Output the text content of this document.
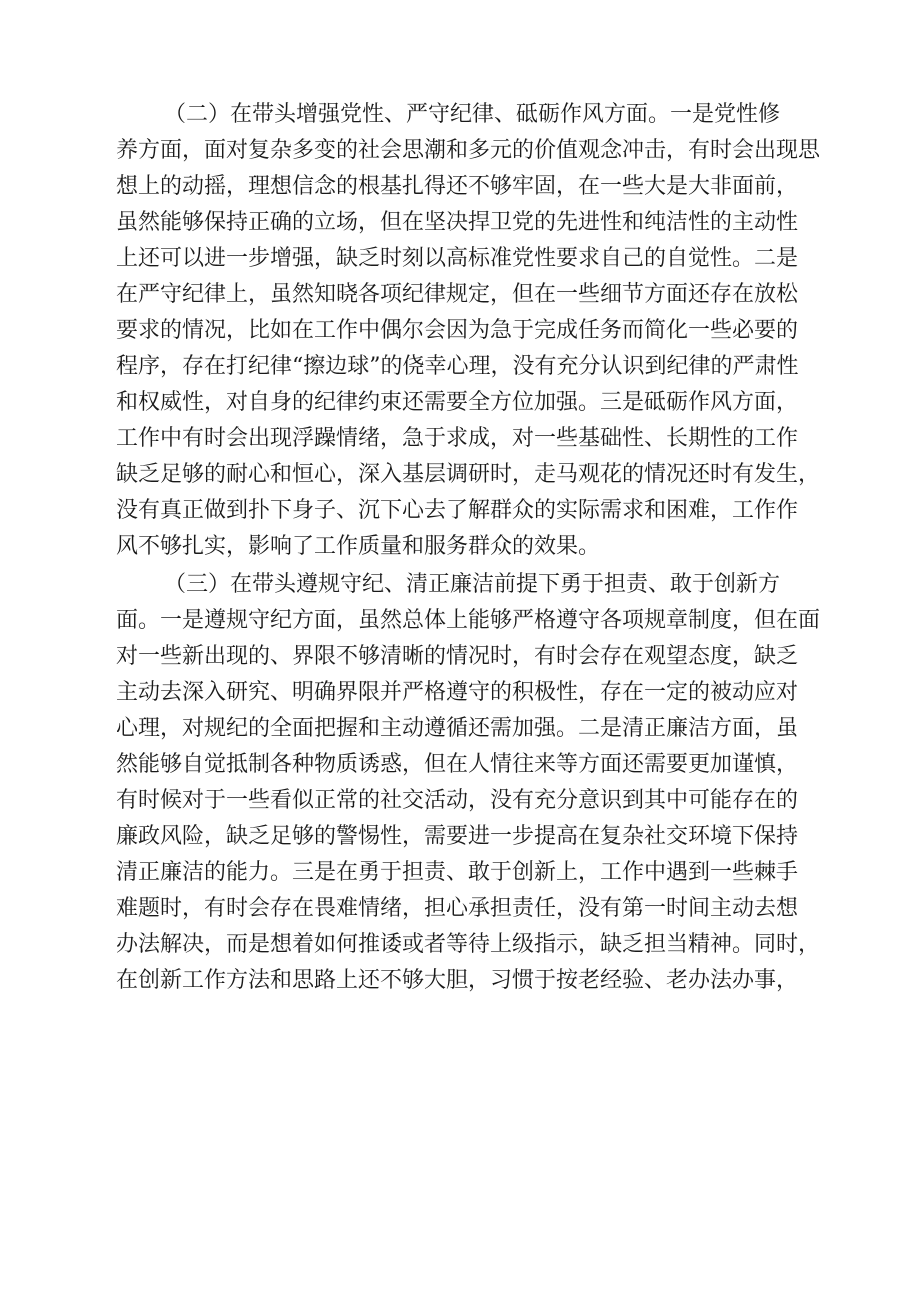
（二）在带头增强党性、严守纪律、砥砺作风方面。一是党性修
养方面，面对复杂多变的社会思潮和多元的价值观念冲击，有时会出现思
想上的动摇，理想信念的根基扎得还不够牢固，在一些大是大非面前，
虽然能够保持正确的立场，但在坚决捍卫党的先进性和纯洁性的主动性
上还可以进一步增强，缺乏时刻以高标准党性要求自己的自觉性。二是
在严守纪律上，虽然知晓各项纪律规定，但在一些细节方面还存在放松
要求的情况，比如在工作中偶尔会因为急于完成任务而简化一些必要的
程序，存在打纪律“擦边球”的侥幸心理，没有充分认识到纪律的严肃性
和权威性，对自身的纪律约束还需要全方位加强。三是砥砺作风方面，
工作中有时会出现浮躁情绪，急于求成，对一些基础性、长期性的工作
缺乏足够的耐心和恒心，深入基层调研时，走马观花的情况还时有发生，
没有真正做到扑下身子、沉下心去了解群众的实际需求和困难，工作作
风不够扎实，影响了工作质量和服务群众的效果。
（三）在带头遵规守纪、清正廉洁前提下勇于担责、敢于创新方
面。一是遵规守纪方面，虽然总体上能够严格遵守各项规章制度，但在面
对一些新出现的、界限不够清晰的情况时，有时会存在观望态度，缺乏
主动去深入研究、明确界限并严格遵守的积极性，存在一定的被动应对
心理，对规纪的全面把握和主动遵循还需加强。二是清正廉洁方面，虽
然能够自觉抵制各种物质诱惑，但在人情往来等方面还需要更加谨慎，
有时候对于一些看似正常的社交活动，没有充分意识到其中可能存在的
廉政风险，缺乏足够的警惕性，需要进一步提高在复杂社交环境下保持
清正廉洁的能力。三是在勇于担责、敢于创新上，工作中遇到一些棘手
难题时，有时会存在畏难情绪，担心承担责任，没有第一时间主动去想
办法解决，而是想着如何推诿或者等待上级指示，缺乏担当精神。同时，
在创新工作方法和思路上还不够大胆，习惯于按老经验、老办法办事，
